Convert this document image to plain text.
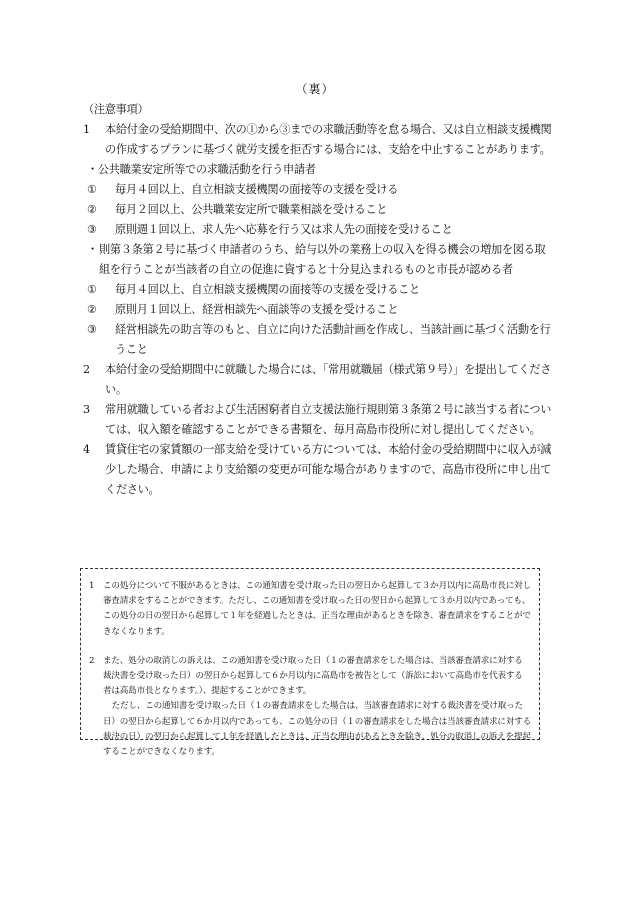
（裏）
（注意事項）
1	本給付金の受給期間中、次の①から③までの求職活動等を怠る場合、又は自立相談支援機関の作成するプランに基づく就労支援を拒否する場合には、支給を中止することがあります。
・公共職業安定所等での求職活動を行う申請者
①	毎月４回以上、自立相談支援機関の面接等の支援を受ける
②	毎月２回以上、公共職業安定所で職業相談を受けること
③	原則週１回以上、求人先へ応募を行う又は求人先の面接を受けること
・ 則第３条第２号に基づく申請者のうち、給与以外の業務上の収入を得る機会の増加を図る取組を行うことが当該者の自立の促進に資すると十分見込まれるものと市長が認める者
①	毎月４回以上、自立相談支援機関の面接等の支援を受けること
②	原則月１回以上、経営相談先へ面談等の支援を受けること
③	経営相談先の助言等のもと、自立に向けた活動計画を作成し、当該計画に基づく活動を行うこと
2	本給付金の受給期間中に就職した場合には、「常用就職届（様式第９号）」を提出してください。
3	常用就職している者および生活困窮者自立支援法施行規則第３条第２号に該当する者については、収入額を確認することができる書類を、毎月高島市役所に対し提出してください。
4	賃貸住宅の家賃額の一部支給を受けている方については、本給付金の受給期間中に収入が減少した場合、申請により支給額の変更が可能な場合がありますので、高島市役所に申し出てください。
1	この処分について不服があるときは、この通知書を受け取った日の翌日から起算して３か月以内に高島市長に対し審査請求をすることができます。ただし、この通知書を受け取った日の翌日から起算して３か月以内であっても、この処分の日の翌日から起算して１年を経過したときは、正当な理由があるときを除き、審査請求をすることができなくなります。
2	また、処分の取消しの訴えは、この通知書を受け取った日（１の審査請求をした場合は、当該審査請求に対する裁決書を受け取った日）の翌日から起算して６か月以内に高島市を被告として（訴訟において高島市を代表する者は高島市長となります。）、提起することができます。
ただし、この通知書を受け取った日（１の審査請求をした場合は、当該審査請求に対する裁決書を受け取った日）の翌日から起算して６か月以内であっても、この処分の日（１の審査請求をした場合は当該審査請求に対する裁決の日）の翌日から起算して１年を経過したときは、正当な理由があるときを除き、処分の取消しの訴えを提起することができなくなります。
